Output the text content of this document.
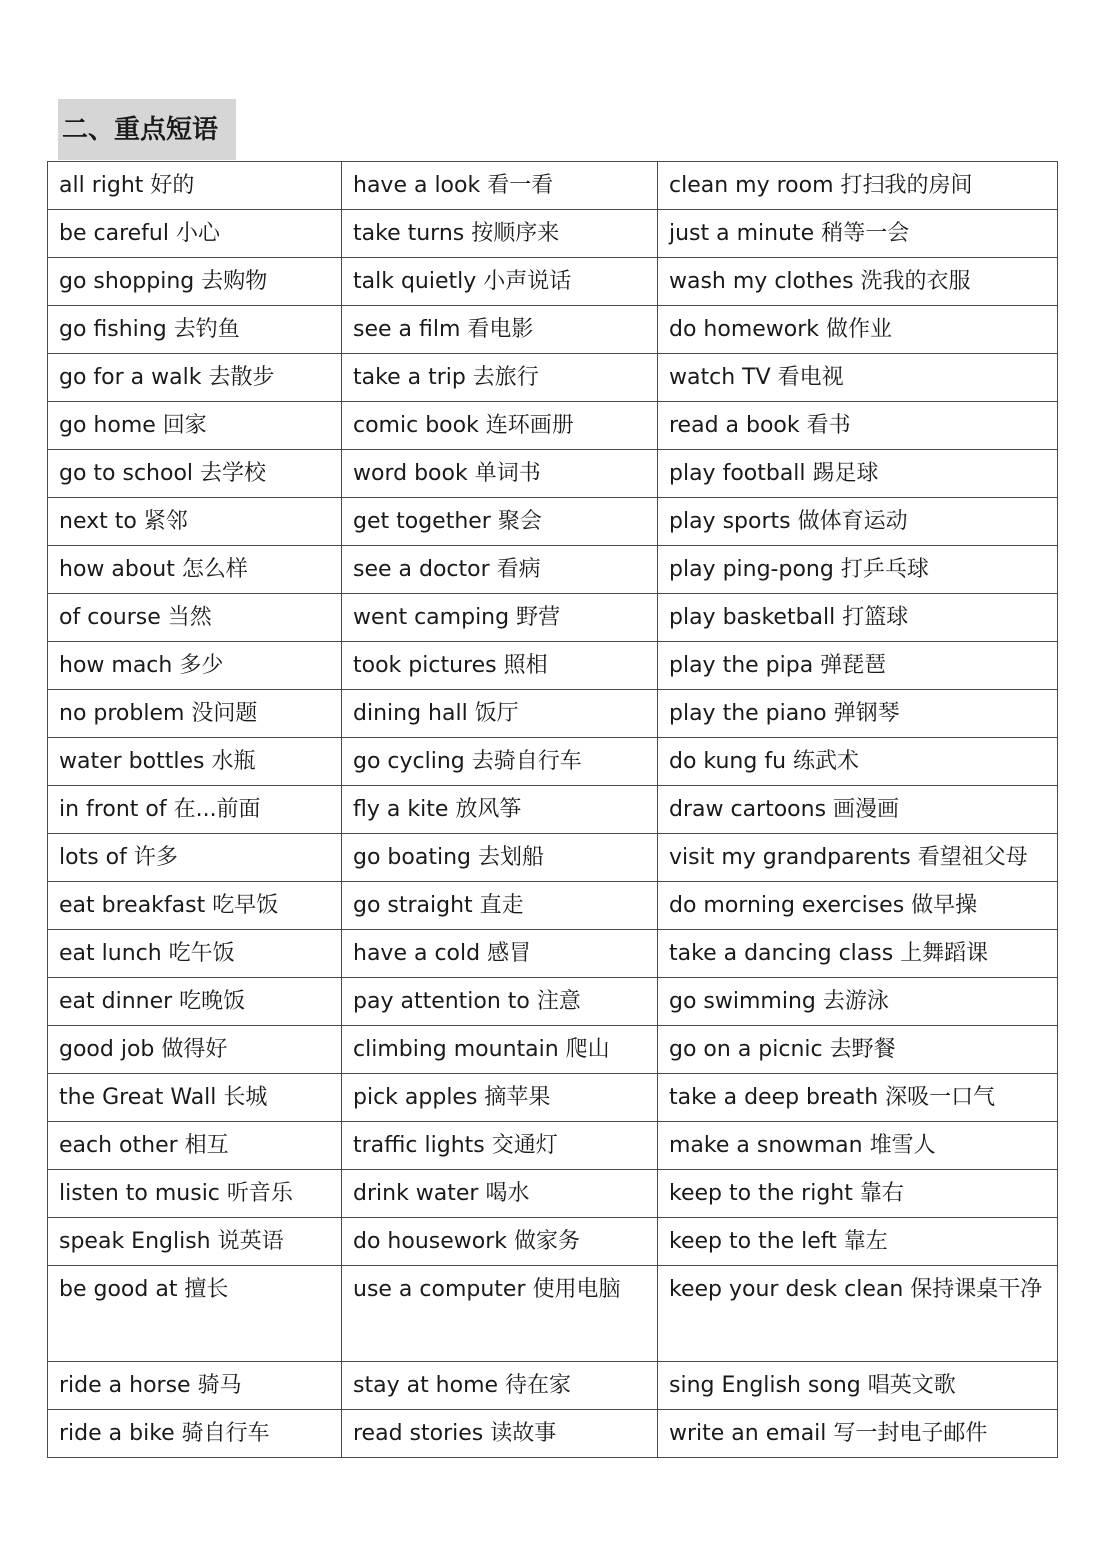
二、重点短语
all right 好的	have a look 看一看	clean my room 打扫我的房间
be careful 小心	take turns 按顺序来	just a minute 稍等一会
go shopping 去购物	talk quietly 小声说话	wash my clothes 洗我的衣服
go fishing 去钓鱼	see a film 看电影	do homework 做作业
go for a walk 去散步	take a trip 去旅行	watch TV 看电视
go home 回家	comic book 连环画册	read a book 看书
go to school 去学校	word book 单词书	play football 踢足球
next to 紧邻	get together 聚会	play sports 做体育运动
how about 怎么样	see a doctor 看病	play ping-pong 打乒乓球
of course 当然	went camping 野营	play basketball 打篮球
how mach 多少	took pictures 照相	play the pipa 弹琵琶
no problem 没问题	dining hall 饭厅	play the piano 弹钢琴
water bottles 水瓶	go cycling 去骑自行车	do kung fu 练武术
in front of 在...前面	fly a kite 放风筝	draw cartoons 画漫画
lots of 许多	go boating 去划船	visit my grandparents 看望祖父母
eat breakfast 吃早饭	go straight 直走	do morning exercises 做早操
eat lunch 吃午饭	have a cold 感冒	take a dancing class 上舞蹈课
eat dinner 吃晚饭	pay attention to 注意	go swimming 去游泳
good job 做得好	climbing mountain 爬山	go on a picnic 去野餐
the Great Wall 长城	pick apples 摘苹果	take a deep breath 深吸一口气
each other 相互	traffic lights 交通灯	make a snowman 堆雪人
listen to music 听音乐	drink water 喝水	keep to the right 靠右
speak English 说英语	do housework 做家务	keep to the left 靠左
be good at 擅长	use a computer 使用电脑	keep your desk clean 保持课桌干净

ride a horse 骑马	stay at home 待在家	sing English song 唱英文歌
ride a bike 骑自行车	read stories 读故事	write an email 写一封电子邮件
